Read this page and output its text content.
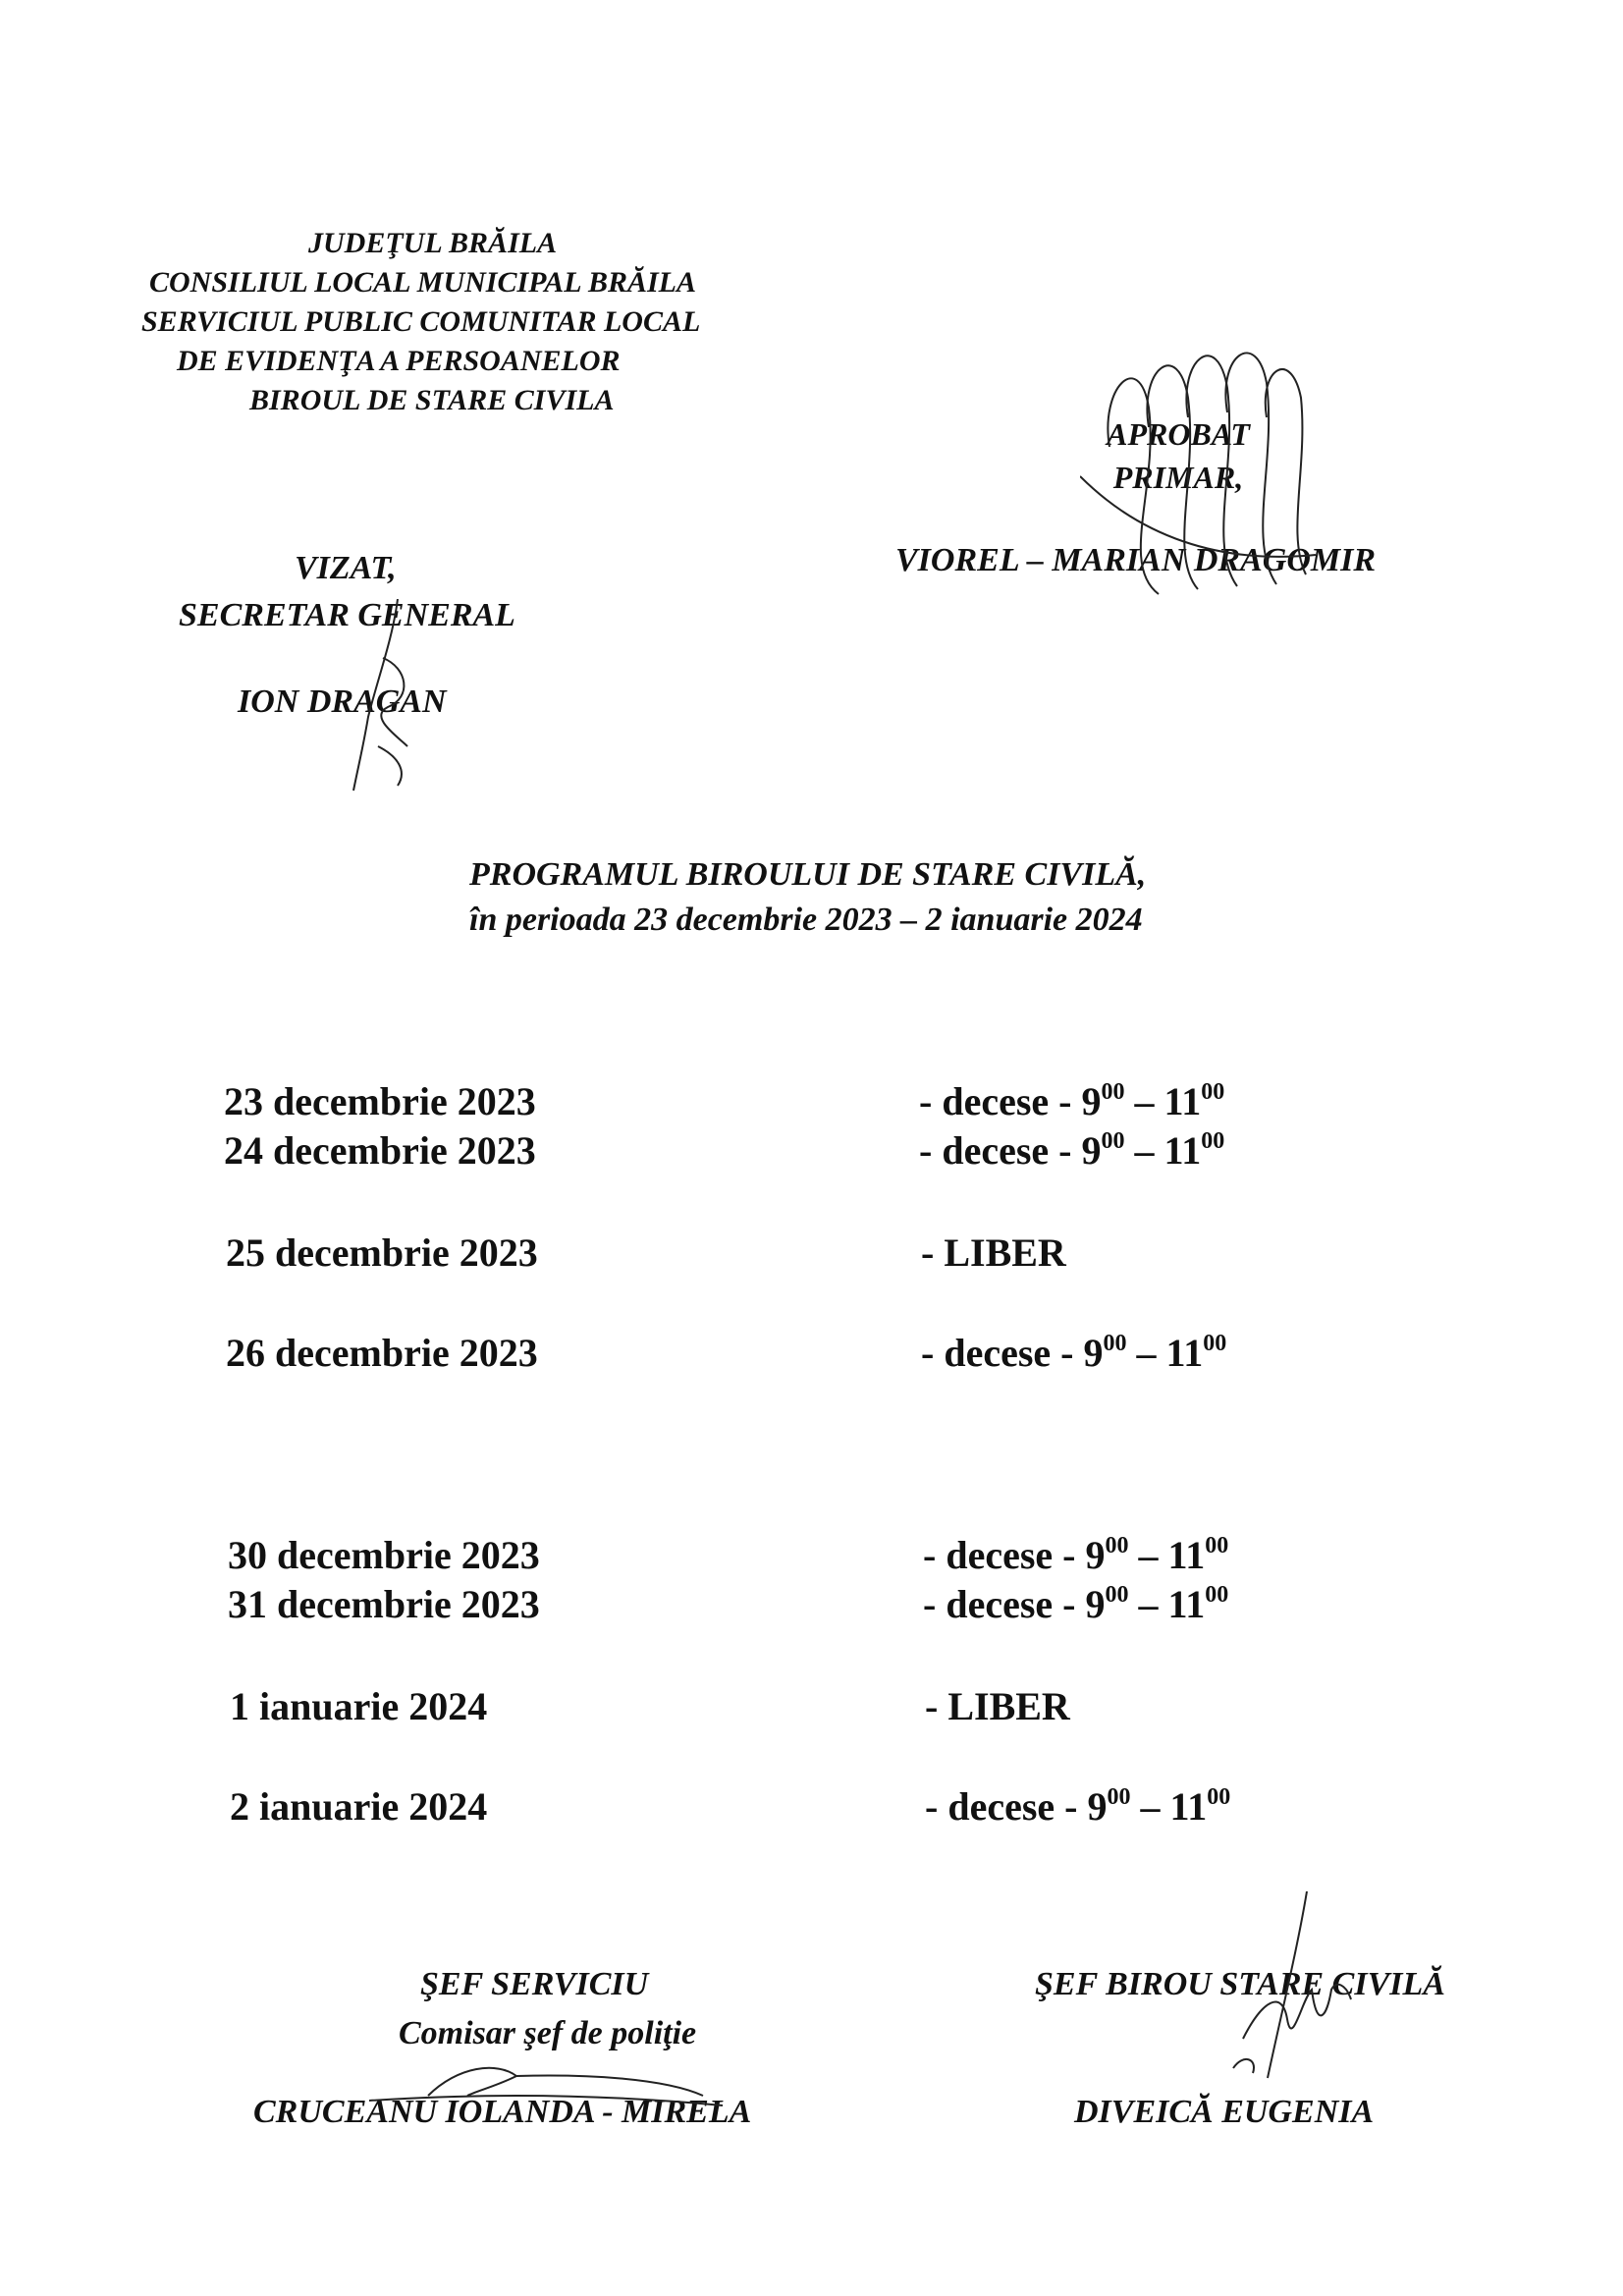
JUDEŢUL BRĂILA
CONSILIUL LOCAL MUNICIPAL BRĂILA
SERVICIUL PUBLIC COMUNITAR LOCAL
DE EVIDENŢA A PERSOANELOR
BIROUL DE STARE CIVILA
APROBAT
PRIMAR,
VIOREL – MARIAN DRAGOMIR
VIZAT,
SECRETAR GENERAL
ION DRAGAN
PROGRAMUL BIROULUI DE STARE CIVILĂ,
în perioada 23 decembrie 2023 – 2 ianuarie 2024
23 decembrie 2023	- decese - $9^{00} - 11^{00}$
24 decembrie 2023	- decese - $9^{00} - 11^{00}$
25 decembrie 2023	- LIBER
26 decembrie 2023	- decese - $9^{00} - 11^{00}$
30 decembrie 2023	- decese - $9^{00} - 11^{00}$
31 decembrie 2023	- decese - $9^{00} - 11^{00}$
1 ianuarie 2024	- LIBER
2 ianuarie 2024	- decese - $9^{00} - 11^{00}$
ŞEF SERVICIU
Comisar şef de poliţie
CRUCEANU IOLANDA - MIRELA
ŞEF BIROU STARE CIVILĂ
DIVEICĂ EUGENIA
